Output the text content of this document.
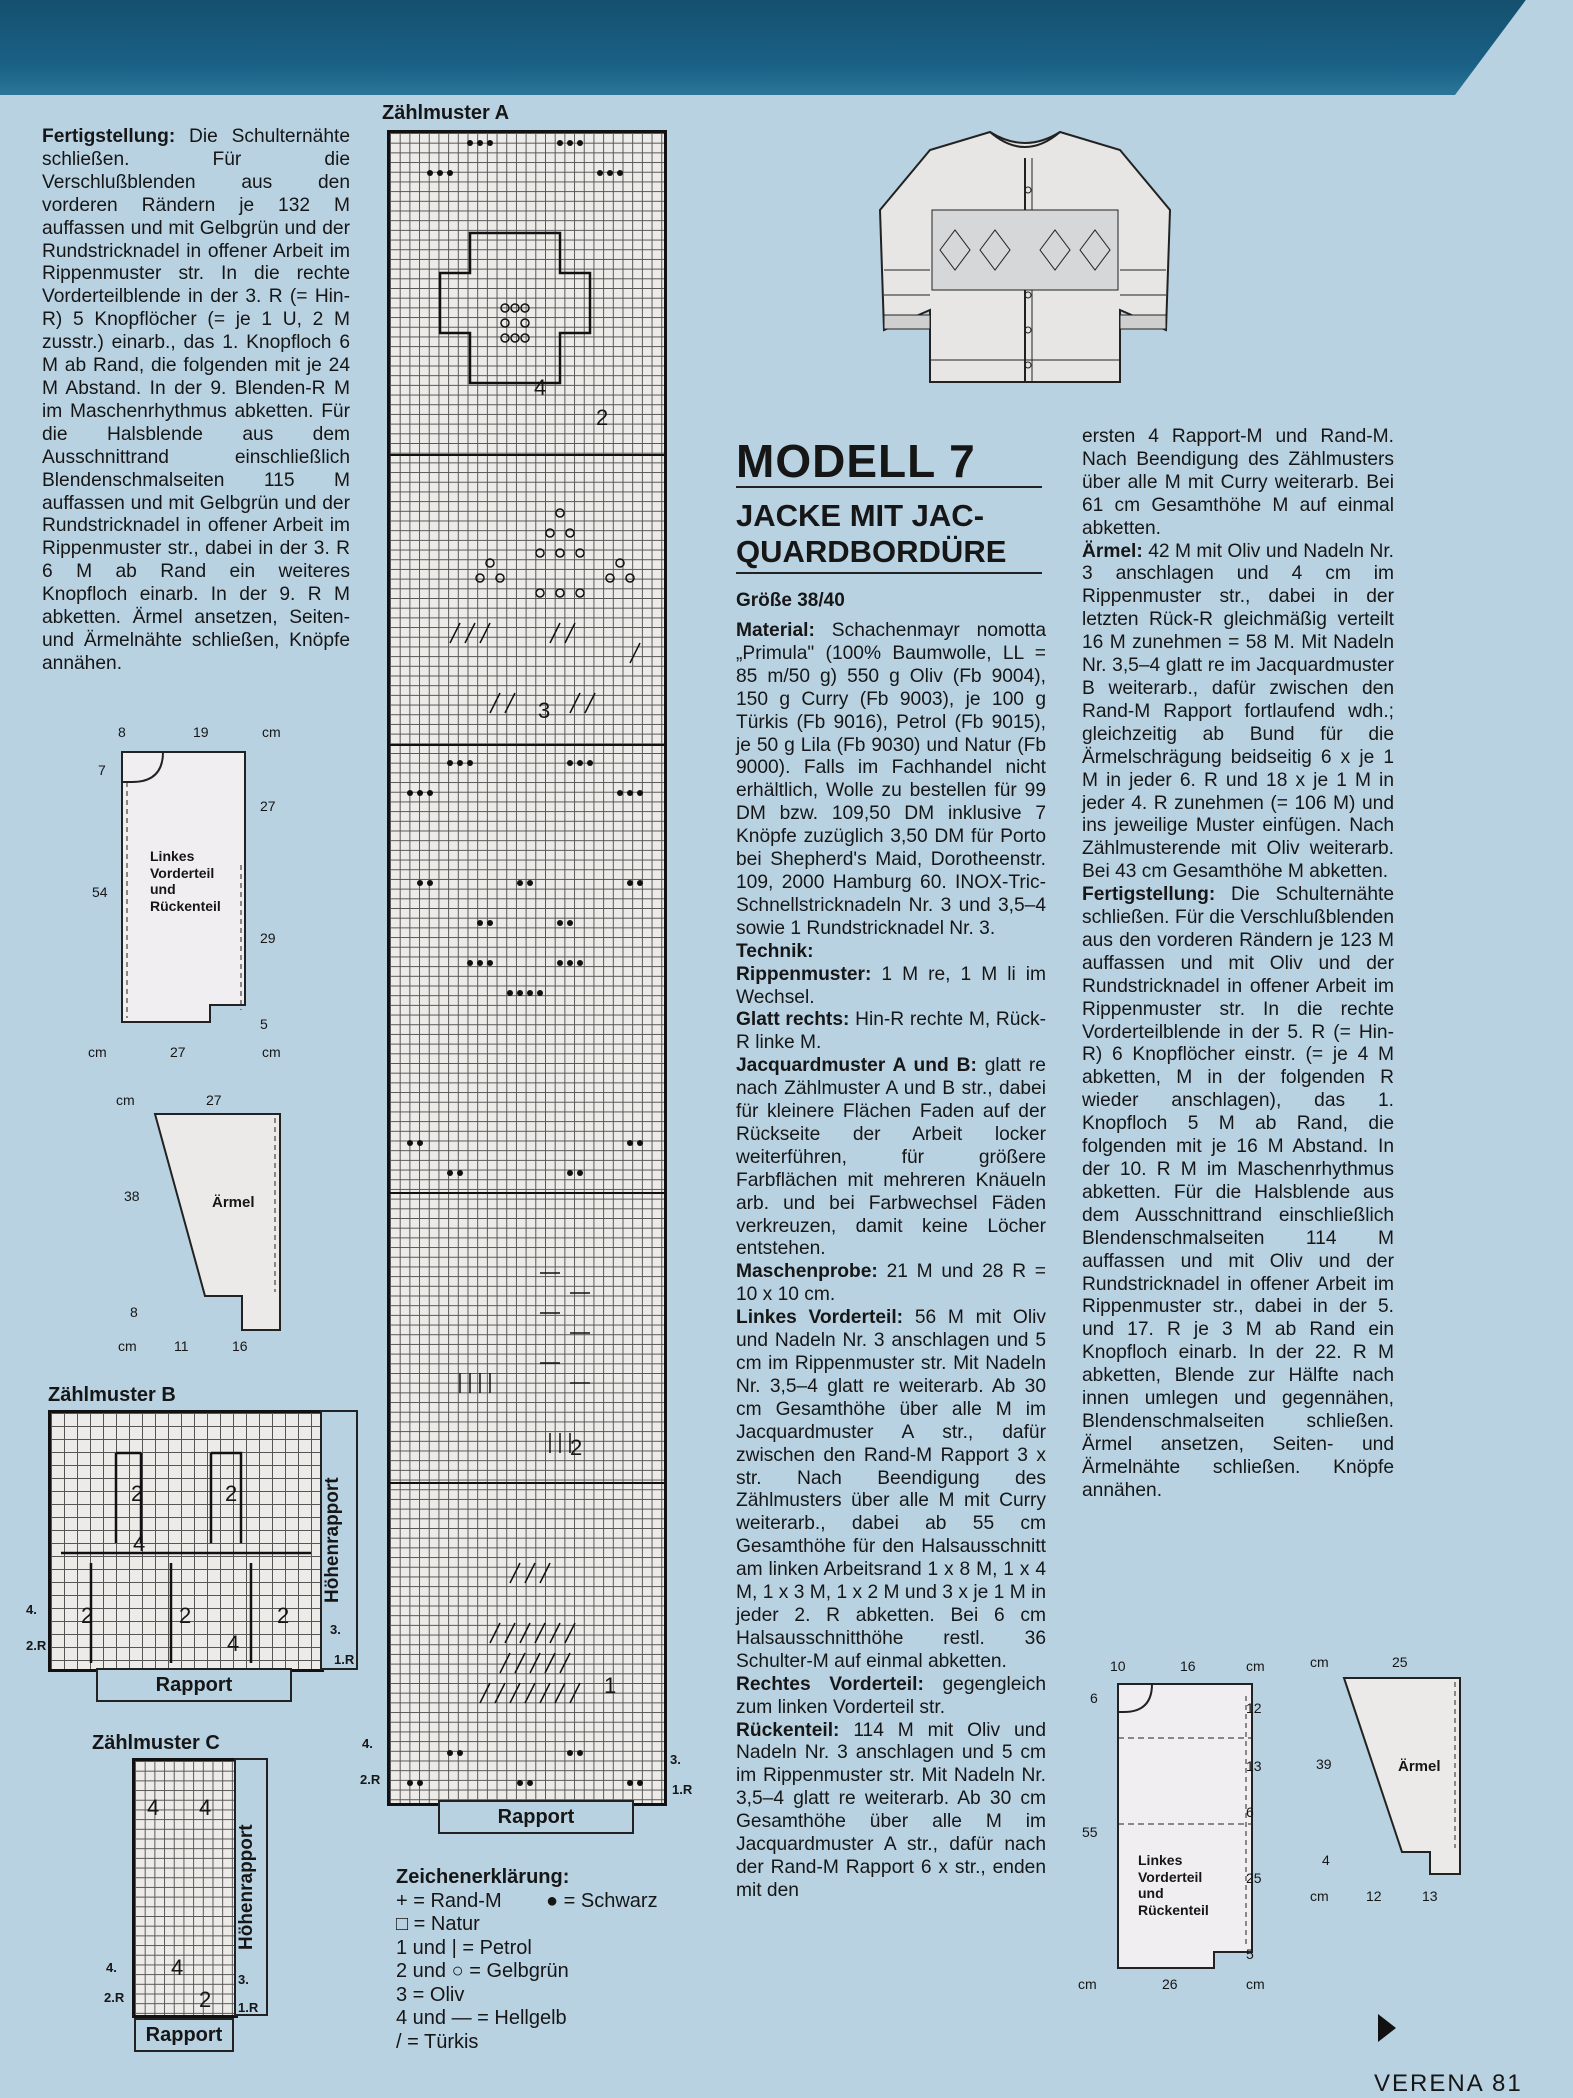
Fertigstellung: Die Schulternähte schließen. Für die Verschlußblenden aus den vorderen Rändern je 132 M auffassen und mit Gelbgrün und der Rundstricknadel in offener Arbeit im Rippenmuster str. In die rechte Vorderteilblende in der 3. R (= Hin-R) 5 Knopflöcher (= je 1 U, 2 M zusstr.) einarb., das 1. Knopfloch 6 M ab Rand, die folgenden mit je 24 M Abstand. In der 9. Blenden-R M im Maschenrhythmus abketten. Für die Halsblende aus dem Ausschnittrand einschließlich Blendenschmalseiten 115 M auffassen und mit Gelbgrün und der Rundstricknadel in offener Arbeit im Rippenmuster str., dabei in der 3. R 6 M ab Rand ein weiteres Knopfloch einarb. In der 9. R M abketten. Ärmel ansetzen, Seiten- und Ärmelnähte schließen, Knöpfe annähen.

8	19	cm
7
54
27
29
5
cm	27	cm
Linkes
Vorderteil
und
Rückenteil
cm	27
38
8
cm	11	16
Ärmel
Zählmuster B
2	2
4
2	2	2
4
Höhenrapport
Rapport
4.
2.R
3.
1.R
Zählmuster C
4 4
4
2
Höhenrapport
Rapport
4.
2.R
3.
1.R
Zählmuster A
4
2
3
2
1
Rapport
4.
2.R
3.
1.R
Zeichenerklärung:
+ = Rand-M ● = Schwarz
□ = Natur
1 und | = Petrol
2 und ○ = Gelbgrün
3 = Oliv
4 und — = Hellgelb
/ = Türkis
MODELL 7
JACKE MIT JAC-
QUARDBORDÜRE
Größe 38/40

Material: Schachenmayr nomotta „Primula" (100% Baumwolle, LL = 85 m/50 g) 550 g Oliv (Fb 9004), 150 g Curry (Fb 9003), je 100 g Türkis (Fb 9016), Petrol (Fb 9015), je 50 g Lila (Fb 9030) und Natur (Fb 9000). Falls im Fachhandel nicht erhältlich, Wolle zu bestellen für 99 DM bzw. 109,50 DM inklusive 7 Knöpfe zuzüglich 3,50 DM für Porto bei Shepherd's Maid, Dorotheenstr. 109, 2000 Hamburg 60. INOX-Tric-Schnellstricknadeln Nr. 3 und 3,5–4 sowie 1 Rundstricknadel Nr. 3.

Technik:

Rippenmuster: 1 M re, 1 M li im Wechsel.

Glatt rechts: Hin-R rechte M, Rück-R linke M.

Jacquardmuster A und B: glatt re nach Zählmuster A und B str., dabei für kleinere Flächen Faden auf der Rückseite der Arbeit locker weiterführen, für größere Farbflächen mit mehreren Knäueln arb. und bei Farbwechsel Fäden verkreuzen, damit keine Löcher entstehen.

Maschenprobe: 21 M und 28 R = 10 x 10 cm.

Linkes Vorderteil: 56 M mit Oliv und Nadeln Nr. 3 anschlagen und 5 cm im Rippenmuster str. Mit Nadeln Nr. 3,5–4 glatt re weiterarb. Ab 30 cm Gesamthöhe über alle M im Jacquardmuster A str., dafür zwischen den Rand-M Rapport 3 x str. Nach Beendigung des Zählmusters über alle M mit Curry weiterarb., dabei ab 55 cm Gesamthöhe für den Halsausschnitt am linken Arbeitsrand 1 x 8 M, 1 x 4 M, 1 x 3 M, 1 x 2 M und 3 x je 1 M in jeder 2. R abketten. Bei 6 cm Halsausschnitthöhe restl. 36 Schulter-M auf einmal abketten.

Rechtes Vorderteil: gegengleich zum linken Vorderteil str.

Rückenteil: 114 M mit Oliv und Nadeln Nr. 3 anschlagen und 5 cm im Rippenmuster str. Mit Nadeln Nr. 3,5–4 glatt re weiterarb. Ab 30 cm Gesamthöhe über alle M im Jacquardmuster A str., dafür nach der Rand-M Rapport 6 x str., enden mit den

ersten 4 Rapport-M und Rand-M. Nach Beendigung des Zählmusters über alle M mit Curry weiterarb. Bei 61 cm Gesamthöhe M auf einmal abketten.

Ärmel: 42 M mit Oliv und Nadeln Nr. 3 anschlagen und 4 cm im Rippenmuster str., dabei in der letzten Rück-R gleichmäßig verteilt 16 M zunehmen = 58 M. Mit Nadeln Nr. 3,5–4 glatt re im Jacquardmuster B weiterarb., dafür zwischen den Rand-M Rapport fortlaufend wdh.; gleichzeitig ab Bund für die Ärmelschrägung beidseitig 6 x je 1 M in jeder 6. R und 18 x je 1 M in jeder 4. R zunehmen (= 106 M) und ins jeweilige Muster einfügen. Nach Zählmusterende mit Oliv weiterarb. Bei 43 cm Gesamthöhe M abketten.

Fertigstellung: Die Schulternähte schließen. Für die Verschlußblenden aus den vorderen Rändern je 123 M auffassen und mit Oliv und der Rundstricknadel in offener Arbeit im Rippenmuster str. In die rechte Vorderteilblende in der 5. R (= Hin-R) 6 Knopflöcher einstr. (= je 4 M abketten, M in der folgenden R wieder anschlagen), das 1. Knopfloch 5 M ab Rand, die folgenden mit je 16 M Abstand. In der 10. R M im Maschenrhythmus abketten. Für die Halsblende aus dem Ausschnittrand einschließlich Blendenschmalseiten 114 M auffassen und mit Oliv und der Rundstricknadel in offener Arbeit im Rippenmuster str., dabei in der 5. und 17. R je 3 M ab Rand ein Knopfloch einarb. In der 22. R M abketten, Blende zur Hälfte nach innen umlegen und gegennähen, Blendenschmalseiten schließen. Ärmel ansetzen, Seiten- und Ärmelnähte schließen. Knöpfe annähen.

10	16	cm
6
55
12
13
6
25
5
cm	26	cm
Linkes
Vorderteil
und
Rückenteil
cm	25
39
4
cm	12	13
Ärmel
VERENA 81
